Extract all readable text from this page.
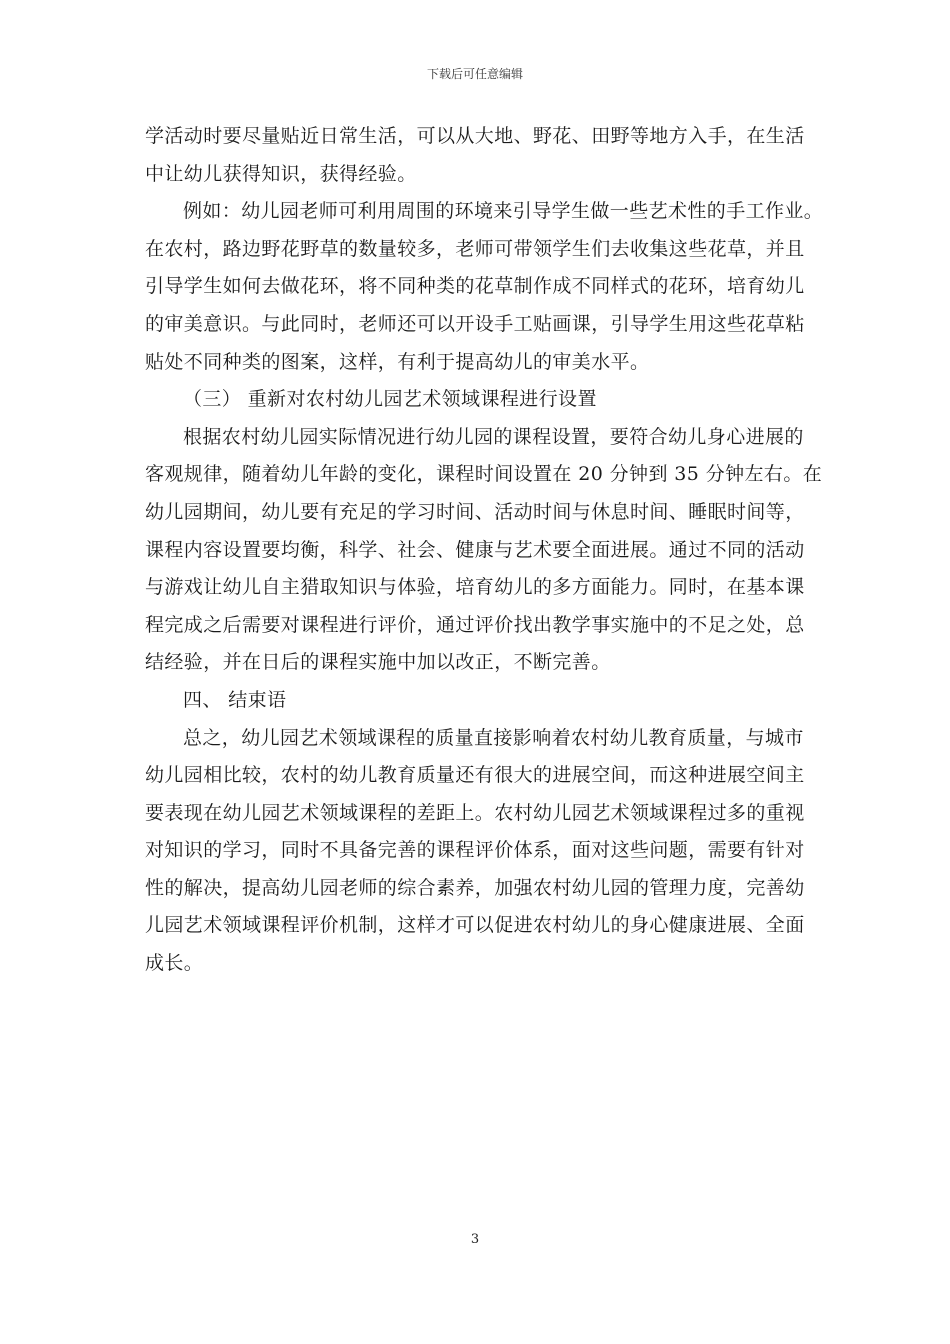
下载后可任意编辑
学活动时要尽量贴近日常生活，可以从大地、野花、田野等地方入手，在生活
中让幼儿获得知识，获得经验。
例如：幼儿园老师可利用周围的环境来引导学生做一些艺术性的手工作业。
在农村，路边野花野草的数量较多，老师可带领学生们去收集这些花草，并且
引导学生如何去做花环，将不同种类的花草制作成不同样式的花环，培育幼儿
的审美意识。与此同时，老师还可以开设手工贴画课，引导学生用这些花草粘
贴处不同种类的图案，这样，有利于提高幼儿的审美水平。
（三） 重新对农村幼儿园艺术领域课程进行设置
根据农村幼儿园实际情况进行幼儿园的课程设置，要符合幼儿身心进展的
客观规律，随着幼儿年龄的变化，课程时间设置在 20 分钟到 35 分钟左右。在
幼儿园期间，幼儿要有充足的学习时间、活动时间与休息时间、睡眠时间等，
课程内容设置要均衡，科学、社会、健康与艺术要全面进展。通过不同的活动
与游戏让幼儿自主猎取知识与体验，培育幼儿的多方面能力。同时，在基本课
程完成之后需要对课程进行评价，通过评价找出教学事实施中的不足之处，总
结经验，并在日后的课程实施中加以改正，不断完善。
四、 结束语
总之，幼儿园艺术领域课程的质量直接影响着农村幼儿教育质量，与城市
幼儿园相比较，农村的幼儿教育质量还有很大的进展空间，而这种进展空间主
要表现在幼儿园艺术领域课程的差距上。农村幼儿园艺术领域课程过多的重视
对知识的学习，同时不具备完善的课程评价体系，面对这些问题，需要有针对
性的解决，提高幼儿园老师的综合素养，加强农村幼儿园的管理力度，完善幼
儿园艺术领域课程评价机制，这样才可以促进农村幼儿的身心健康进展、全面
成长。
3
